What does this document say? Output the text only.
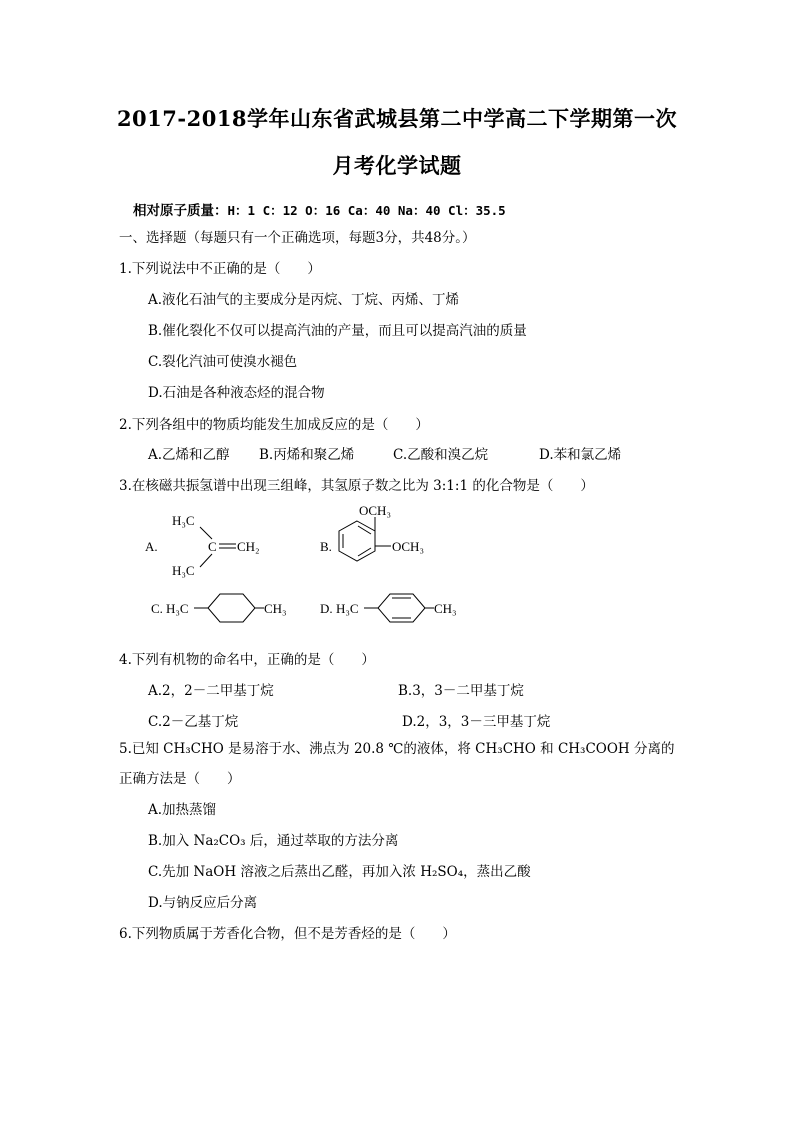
2017-2018学年山东省武城县第二中学高二下学期第一次
月考化学试题
相对原子质量：H：1 C：12 O：16 Ca：40 Na：40 Cl：35.5
一、选择题（每题只有一个正确选项，每题3分，共48分。）
1.下列说法中不正确的是（　　）
A.液化石油气的主要成分是丙烷、丁烷、丙烯、丁烯
B.催化裂化不仅可以提高汽油的产量，而且可以提高汽油的质量
C.裂化汽油可使溴水褪色
D.石油是各种液态烃的混合物
2.下列各组中的物质均能发生加成反应的是（　　）
A.乙烯和乙醇 B.丙烯和聚乙烯	C.乙酸和溴乙烷	D.苯和氯乙烯
3.在核磁共振氢谱中出现三组峰，其氢原子数之比为 3:1:1 的化合物是（　　）
A.
H₃C
H₃C
C CH₂	B.
OCH₃
OCH₃
C. H₃C	CH₃	D. H₃C	CH₃
4.下列有机物的命名中，正确的是（　　）
A.2，2－二甲基丁烷	B.3，3－二甲基丁烷
C.2－乙基丁烷	D.2，3，3－三甲基丁烷
5.已知 CH₃CHO 是易溶于水、沸点为 20.8 ℃的液体，将 CH₃CHO 和 CH₃COOH 分离的
正确方法是（　　）
A.加热蒸馏
B.加入 Na₂CO₃ 后，通过萃取的方法分离
C.先加 NaOH 溶液之后蒸出乙醛，再加入浓 H₂SO₄，蒸出乙酸
D.与钠反应后分离
6.下列物质属于芳香化合物，但不是芳香烃的是（　　）
